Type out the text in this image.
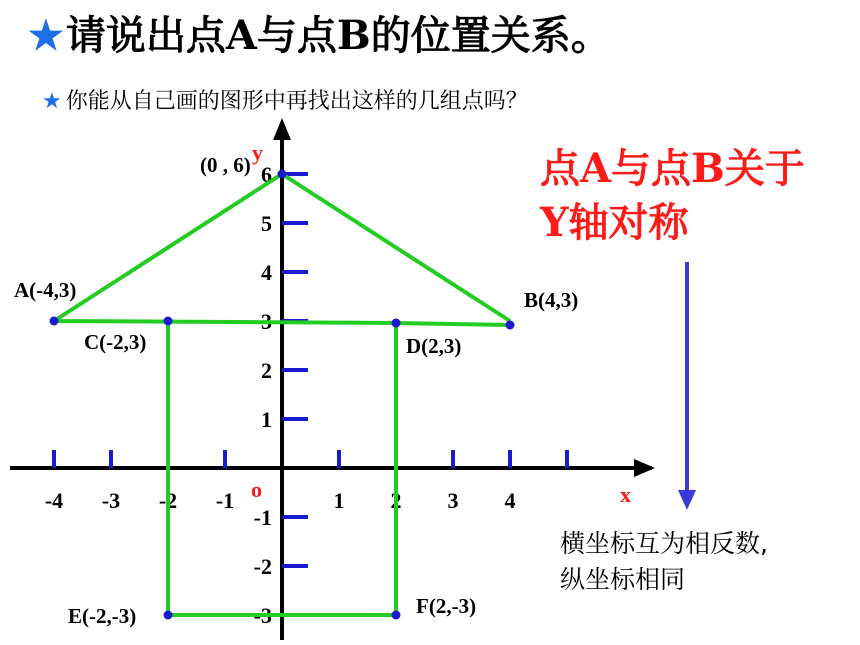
★请说出点A与点B的位置关系。
★ 你能从自己画的图形中再找出这样的几组点吗？
-4 -3 -2 -1	1 2 3 4
6
5
4
3
2
1
-1
-2
-3
(0 , 6)
A(-4,3)	B(4,3)
C(-2,3)	D(2,3)
E(-2,-3)	F(2,-3)
x
y
o
点A与点B关于
Y轴对称
横坐标互为相反数,
纵坐标相同
